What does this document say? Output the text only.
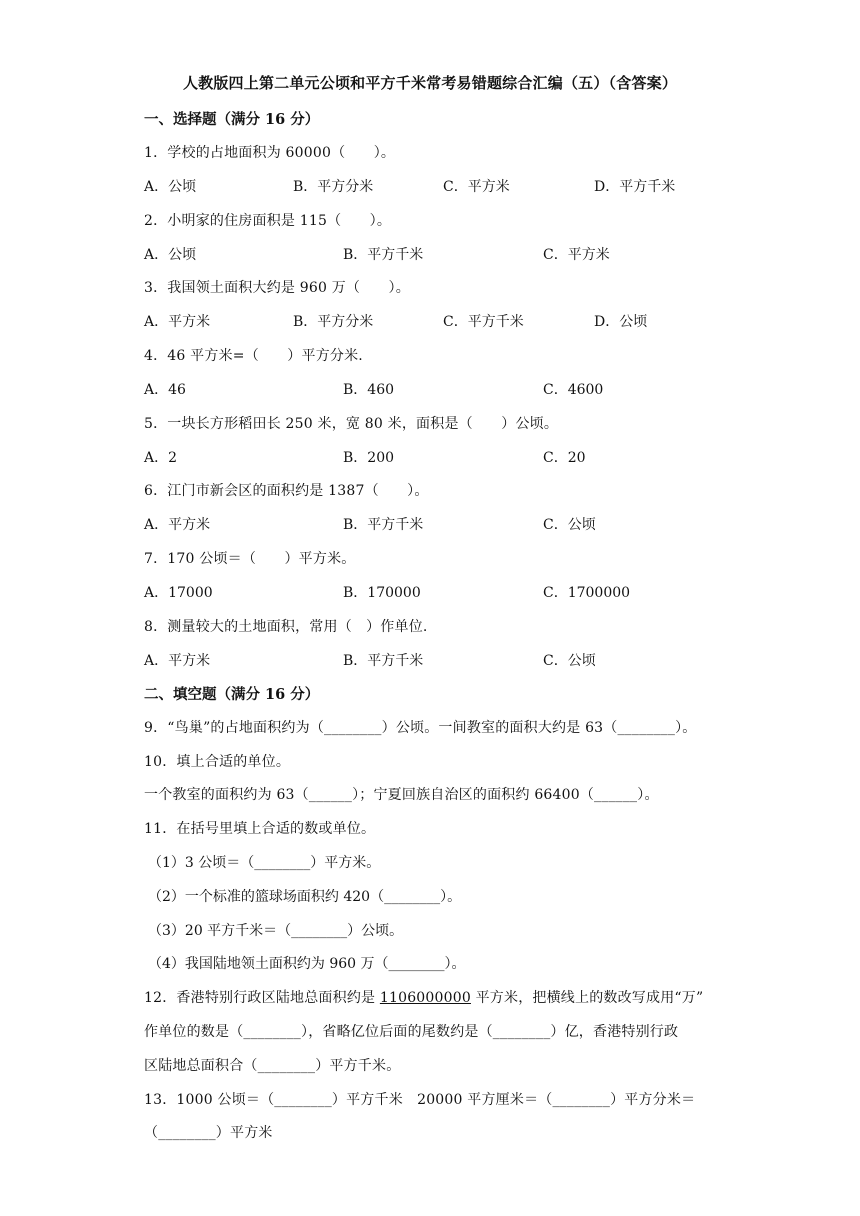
人教版四上第二单元公顷和平方千米常考易错题综合汇编（五）（含答案）
一、选择题（满分 16 分）
1．学校的占地面积为 60000（　　）。
A．公顷	B．平方分米	C．平方米	D．平方千米
2．小明家的住房面积是 115（　　）。
A．公顷	B．平方千米	C．平方米
3．我国领土面积大约是 960 万（　　）。
A．平方米	B．平方分米	C．平方千米	D．公顷
4．46 平方米=（　　）平方分米.
A．46	B．460	C．4600
5．一块长方形稻田长 250 米，宽 80 米，面积是（　　）公顷。
A．2	B．200	C．20
6．江门市新会区的面积约是 1387（　　）。
A．平方米	B．平方千米	C．公顷
7．170 公顷＝（　　）平方米。
A．17000	B．170000	C．1700000
8．测量较大的土地面积，常用（　）作单位.
A．平方米	B．平方千米	C．公顷
二、填空题（满分 16 分）
9．“鸟巢”的占地面积约为（________）公顷。一间教室的面积大约是 63（________）。
10．填上合适的单位。
一个教室的面积约为 63（______）；宁夏回族自治区的面积约 66400（______）。
11．在括号里填上合适的数或单位。
（1）3 公顷＝（________）平方米。
（2）一个标准的篮球场面积约 420（________）。
（3）20 平方千米＝（________）公顷。
（4）我国陆地领土面积约为 960 万（________）。
12．香港特别行政区陆地总面积约是 1106000000 平方米，把横线上的数改写成用“万”
作单位的数是（________），省略亿位后面的尾数约是（________）亿，香港特别行政
区陆地总面积合（________）平方千米。
13．1000 公顷＝（________）平方千米　20000 平方厘米＝（________）平方分米＝
（________）平方米
